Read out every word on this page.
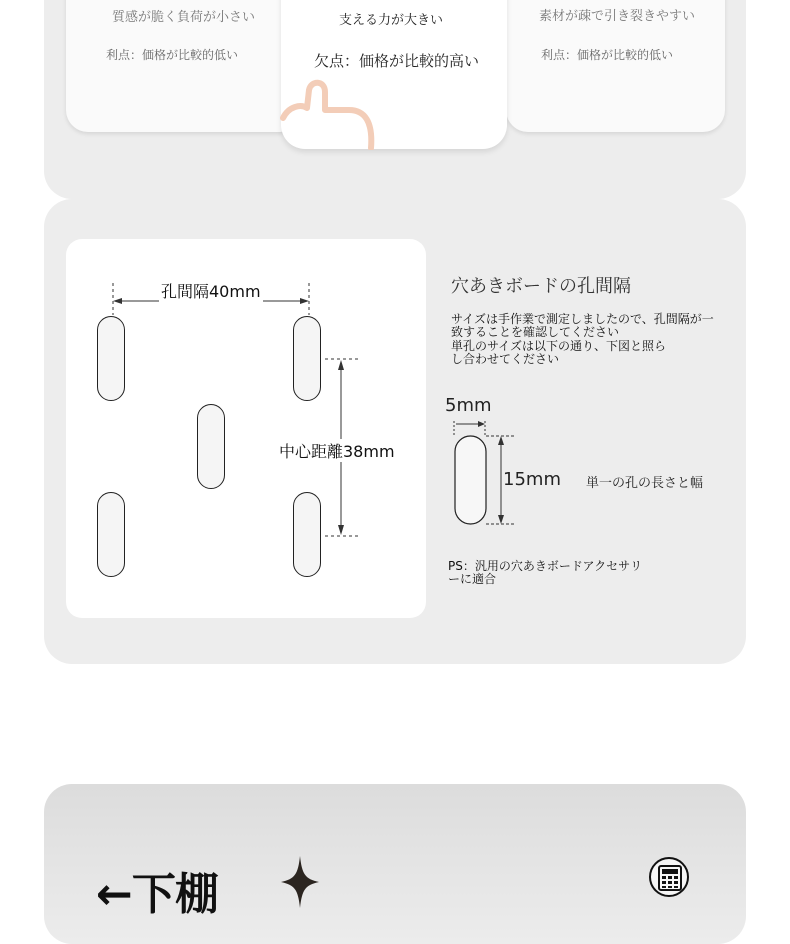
質感が脆く負荷が小さい
利点：価格が比較的低い
素材が疎で引き裂きやすい
利点：価格が比較的低い
支える力が大きい
欠点：価格が比較的高い
孔間隔40mm
中心距離38mm
穴あきボードの孔間隔
サイズは手作業で測定しましたので、孔間隔が一
致することを確認してください
単孔のサイズは以下の通り、下図と照ら
し合わせてください
5mm
15mm 単一の孔の長さと幅
PS：汎用の穴あきボードアクセサリ
ーに適合
←下棚
